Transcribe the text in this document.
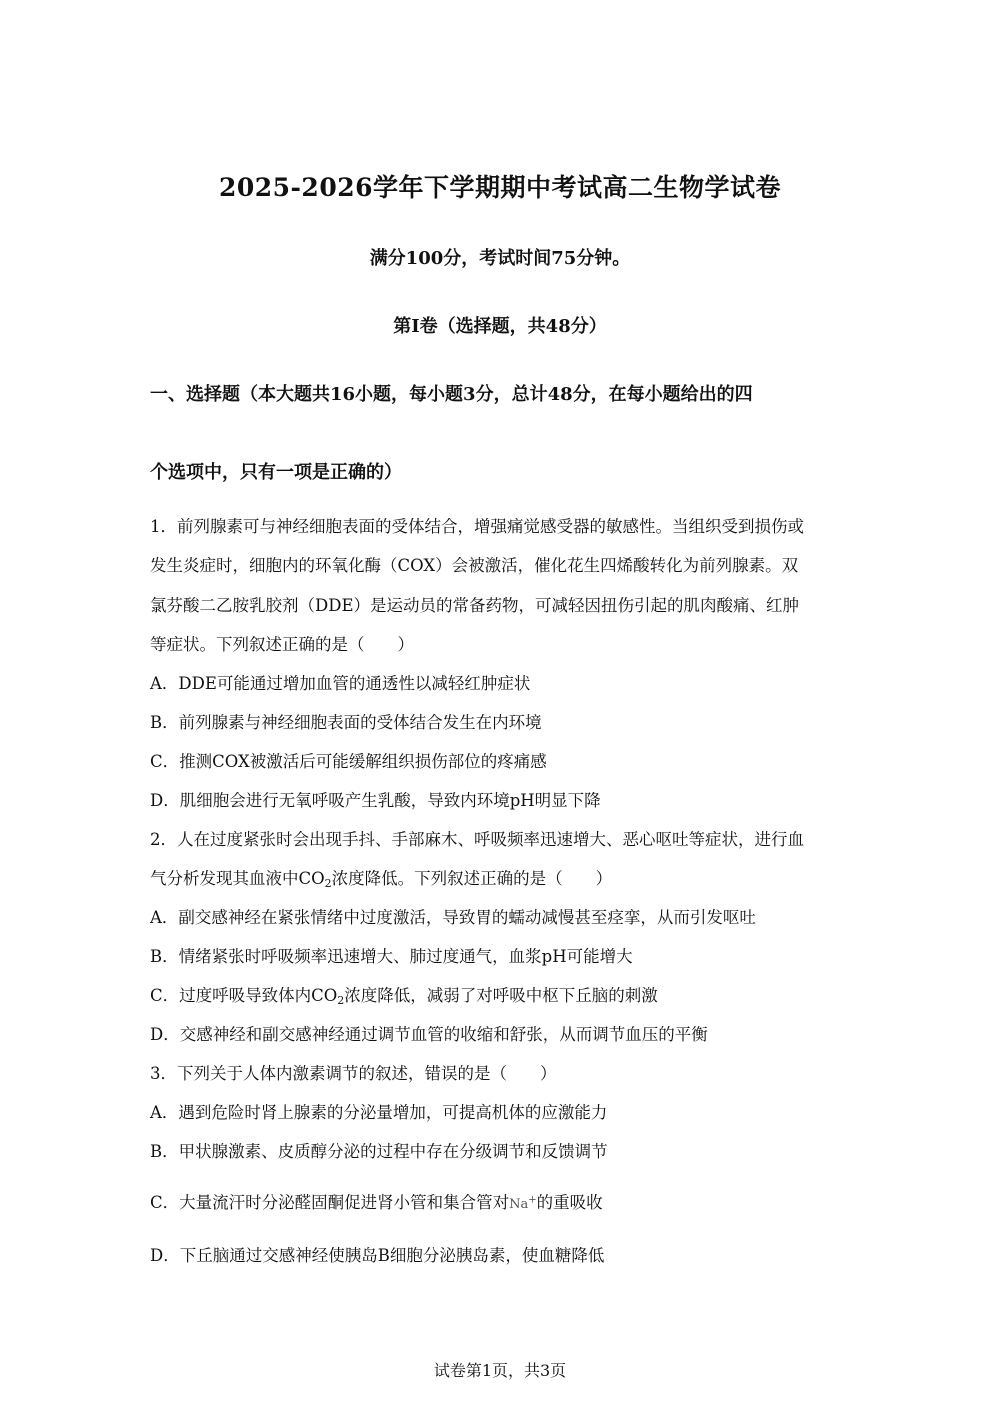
2025-2026学年下学期期中考试高二生物学试卷
满分100分，考试时间75分钟。
第I卷（选择题，共48分）
一、选择题（本大题共16小题，每小题3分，总计48分，在每小题给出的四
个选项中，只有一项是正确的）
1．前列腺素可与神经细胞表面的受体结合，增强痛觉感受器的敏感性。当组织受到损伤或
发生炎症时，细胞内的环氧化酶（COX）会被激活，催化花生四烯酸转化为前列腺素。双
氯芬酸二乙胺乳胶剂（DDE）是运动员的常备药物，可减轻因扭伤引起的肌肉酸痛、红肿
等症状。下列叙述正确的是（　　）
A．DDE可能通过增加血管的通透性以减轻红肿症状
B．前列腺素与神经细胞表面的受体结合发生在内环境
C．推测COX被激活后可能缓解组织损伤部位的疼痛感
D．肌细胞会进行无氧呼吸产生乳酸，导致内环境pH明显下降
2．人在过度紧张时会出现手抖、手部麻木、呼吸频率迅速增大、恶心呕吐等症状，进行血
气分析发现其血液中$CO_2$浓度降低。下列叙述正确的是（　　）
A．副交感神经在紧张情绪中过度激活，导致胃的蠕动减慢甚至痉挛，从而引发呕吐
B．情绪紧张时呼吸频率迅速增大、肺过度通气，血浆pH可能增大
C．过度呼吸导致体内$CO_2$浓度降低，减弱了对呼吸中枢下丘脑的刺激
D．交感神经和副交感神经通过调节血管的收缩和舒张，从而调节血压的平衡
3．下列关于人体内激素调节的叙述，错误的是（　　）
A．遇到危险时肾上腺素的分泌量增加，可提高机体的应激能力
B．甲状腺激素、皮质醇分泌的过程中存在分级调节和反馈调节
C．大量流汗时分泌醛固酮促进肾小管和集合管对Na+的重吸收
D．下丘脑通过交感神经使胰岛B细胞分泌胰岛素，使血糖降低
试卷第1页，共3页
